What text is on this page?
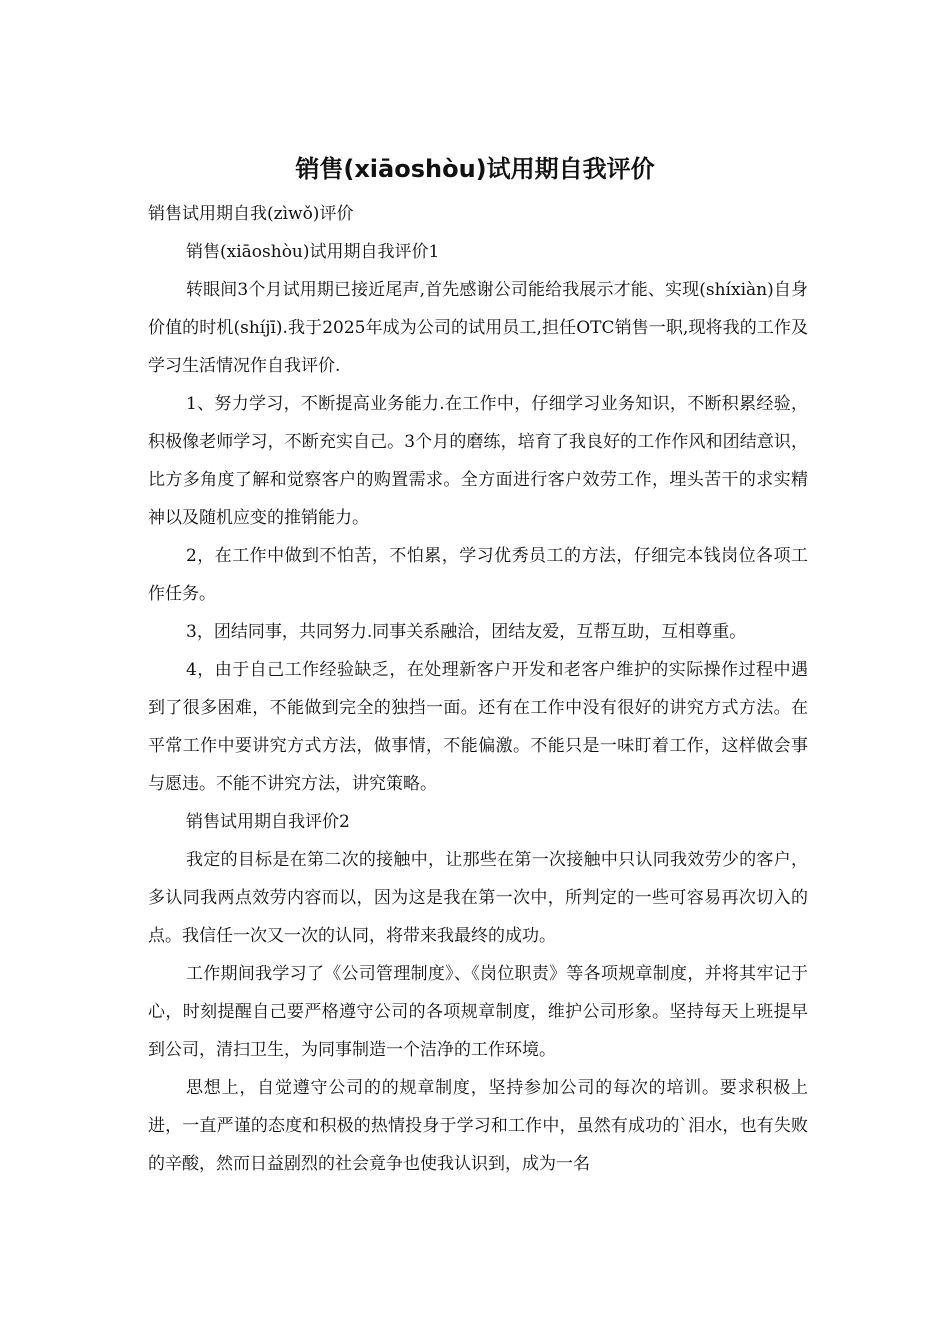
销售(xiāoshòu)试用期自我评价

销售试用期自我(zìwǒ)评价

销售(xiāoshòu)试用期自我评价1

转眼间3个月试用期已接近尾声,首先感谢公司能给我展示才能、实现(shíxiàn)自身价值的时机(shíjī).我于2025年成为公司的试用员工,担任OTC销售一职,现将我的工作及学习生活情况作自我评价.

1、努力学习，不断提高业务能力.在工作中，仔细学习业务知识，不断积累经验，积极像老师学习，不断充实自己。3个月的磨练，培育了我良好的工作作风和团结意识，比方多角度了解和觉察客户的购置需求。全方面进行客户效劳工作，埋头苦干的求实精神以及随机应变的推销能力。

2，在工作中做到不怕苦，不怕累，学习优秀员工的方法，仔细完本钱岗位各项工作任务。

3，团结同事，共同努力.同事关系融洽，团结友爱，互帮互助，互相尊重。

4，由于自己工作经验缺乏，在处理新客户开发和老客户维护的实际操作过程中遇到了很多困难，不能做到完全的独挡一面。还有在工作中没有很好的讲究方式方法。在平常工作中要讲究方式方法，做事情，不能偏激。不能只是一味盯着工作，这样做会事与愿违。不能不讲究方法，讲究策略。

销售试用期自我评价2

我定的目标是在第二次的接触中，让那些在第一次接触中只认同我效劳少的客户，多认同我两点效劳内容而以，因为这是我在第一次中，所判定的一些可容易再次切入的点。我信任一次又一次的认同，将带来我最终的成功。

工作期间我学习了《公司管理制度》、《岗位职责》等各项规章制度，并将其牢记于心，时刻提醒自己要严格遵守公司的各项规章制度，维护公司形象。坚持每天上班提早到公司，清扫卫生，为同事制造一个洁净的工作环境。

思想上，自觉遵守公司的的规章制度，坚持参加公司的每次的培训。要求积极上进，一直严谨的态度和积极的热情投身于学习和工作中，虽然有成功的`泪水，也有失败的辛酸，然而日益剧烈的社会竟争也使我认识到，成为一名
